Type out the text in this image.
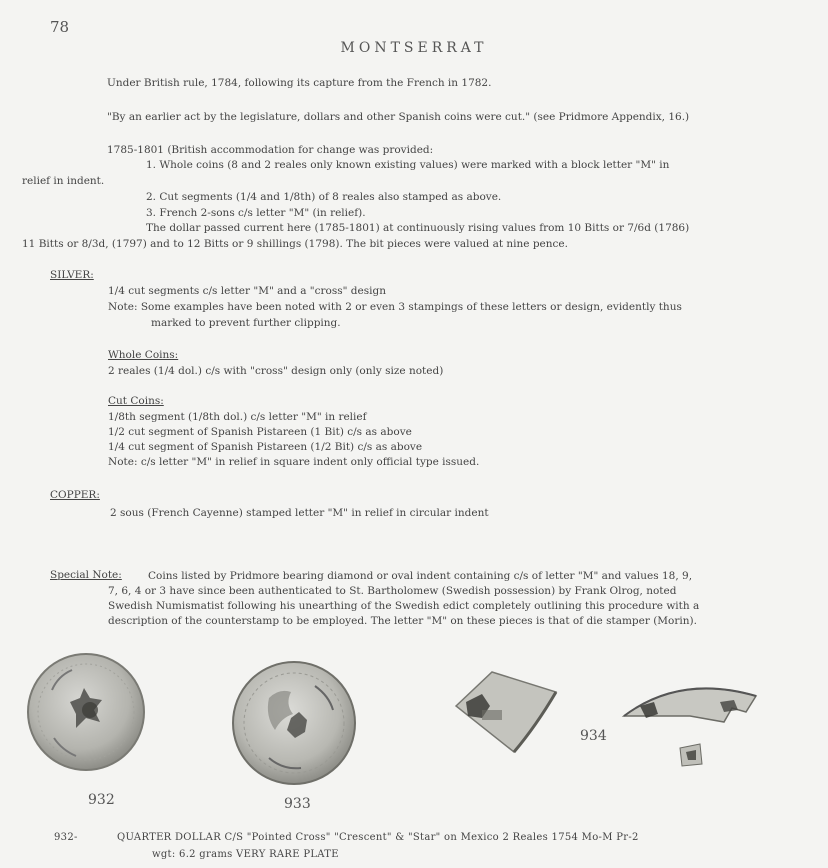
78
MONTSERRAT
Under British rule, 1784, following its capture from the French in 1782.
"By an earlier act by the legislature, dollars and other Spanish coins were cut." (see Pridmore Appendix, 16.)
1785-1801 (British accommodation for change was provided:
1. Whole coins (8 and 2 reales only known existing values) were marked with a block letter "M" in
relief in indent.
2. Cut segments (1/4 and 1/8th) of 8 reales also stamped as above.
3. French 2-sons c/s letter "M" (in relief).
The dollar passed current here (1785-1801) at continuously rising values from 10 Bitts or 7/6d (1786)
11 Bitts or 8/3d, (1797) and to 12 Bitts or 9 shillings (1798). The bit pieces were valued at nine pence.
SILVER:
1/4 cut segments c/s letter "M" and a "cross" design
Note: Some examples have been noted with 2 or even 3 stampings of these letters or design, evidently thus
marked to prevent further clipping.
Whole Coins:
2 reales (1/4 dol.) c/s with "cross" design only (only size noted)
Cut Coins:
1/8th segment (1/8th dol.) c/s letter "M" in relief
1/2 cut segment of Spanish Pistareen (1 Bit) c/s as above
1/4 cut segment of Spanish Pistareen (1/2 Bit) c/s as above
Note: c/s letter "M" in relief in square indent only official type issued.
COPPER:
2 sous (French Cayenne) stamped letter "M" in relief in circular indent
Special Note: Coins listed by Pridmore bearing diamond or oval indent containing c/s of letter "M" and values 18, 9,
7, 6, 4 or 3 have since been authenticated to St. Bartholomew (Swedish possession) by Frank Olrog, noted
Swedish Numismatist following his unearthing of the Swedish edict completely outlining this procedure with a
description of the counterstamp to be employed. The letter "M" on these pieces is that of die stamper (Morin).
932	933
934
932-	QUARTER DOLLAR C/S "Pointed Cross" "Crescent" & "Star" on Mexico 2 Reales 1754 Mo-M Pr-2
wgt: 6.2 grams VERY RARE PLATE
